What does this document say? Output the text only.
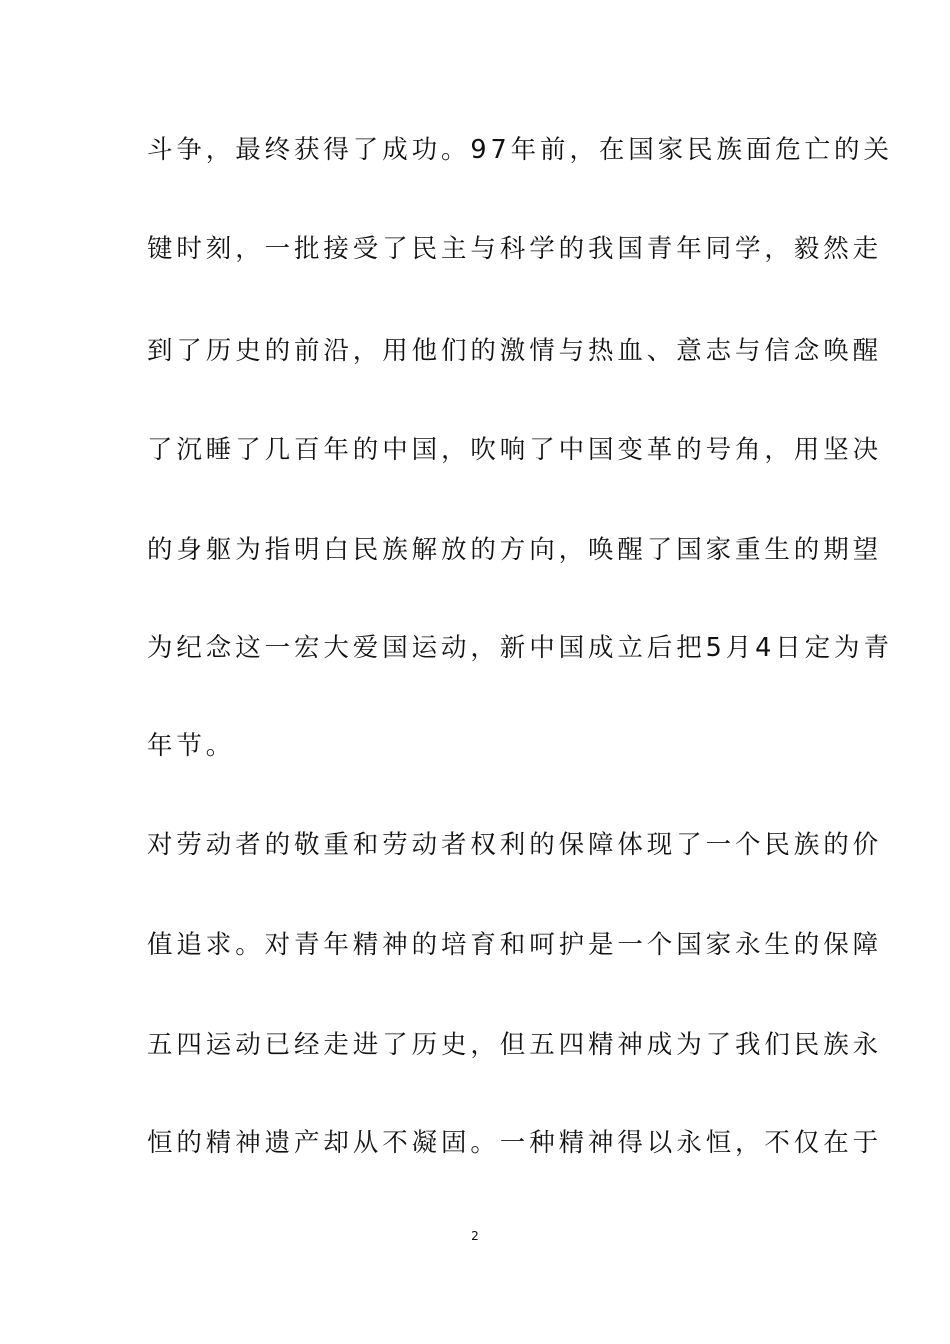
斗争，最终获得了成功。97年前，在国家民族面危亡的关
键时刻，一批接受了民主与科学的我国青年同学，毅然走
到了历史的前沿，用他们的激情与热血、意志与信念唤醒
了沉睡了几百年的中国，吹响了中国变革的号角，用坚决
的身躯为指明白民族解放的方向，唤醒了国家重生的期望
为纪念这一宏大爱国运动，新中国成立后把5月4日定为青
年节。
对劳动者的敬重和劳动者权利的保障体现了一个民族的价
值追求。对青年精神的培育和呵护是一个国家永生的保障
五四运动已经走进了历史，但五四精神成为了我们民族永
恒的精神遗产却从不凝固。一种精神得以永恒，不仅在于
2
